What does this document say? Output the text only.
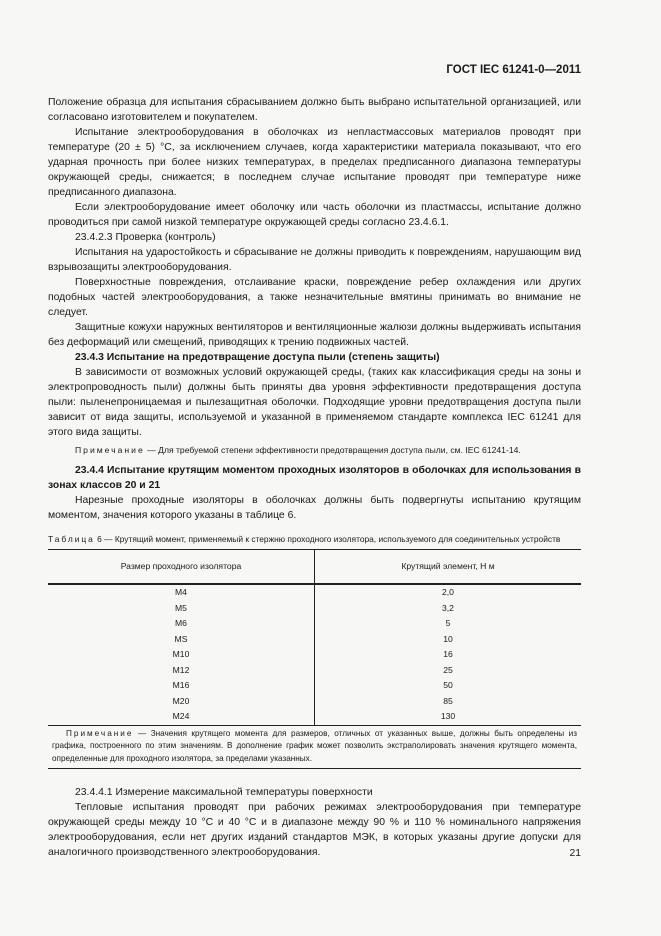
ГОСТ IEC 61241-0—2011

Положение образца для испытания сбрасыванием должно быть выбрано испытательной организацией, или согласовано изготовителем и покупателем.

Испытание электрооборудования в оболочках из непластмассовых материалов проводят при температуре (20 ± 5) °С, за исключением случаев, когда характеристики материала показывают, что его ударная прочность при более низких температурах, в пределах предписанного диапазона температуры окружающей среды, снижается; в последнем случае испытание проводят при температуре ниже предписанного диапазона.

Если электрооборудование имеет оболочку или часть оболочки из пластмассы, испытание должно проводиться при самой низкой температуре окружающей среды согласно 23.4.6.1.

23.4.2.3 Проверка (контроль)

Испытания на ударостойкость и сбрасывание не должны приводить к повреждениям, нарушающим вид взрывозащиты электрооборудования.

Поверхностные повреждения, отслаивание краски, повреждение ребер охлаждения или других подобных частей электрооборудования, а также незначительные вмятины принимать во внимание не следует.

Защитные кожухи наружных вентиляторов и вентиляционные жалюзи должны выдерживать испытания без деформаций или смещений, приводящих к трению подвижных частей.

23.4.3 Испытание на предотвращение доступа пыли (степень защиты)

В зависимости от возможных условий окружающей среды, (таких как классификация среды на зоны и электропроводность пыли) должны быть приняты два уровня эффективности предотвращения доступа пыли: пыленепроницаемая и пылезащитная оболочки. Подходящие уровни предотвращения доступа пыли зависит от вида защиты, используемой и указанной в применяемом стандарте комплекса IEC 61241 для этого вида защиты.

Примечание — Для требуемой степени эффективности предотвращения доступа пыли, см. IEC 61241-14.

23.4.4 Испытание крутящим моментом проходных изоляторов в оболочках для использования в зонах классов 20 и 21

Нарезные проходные изоляторы в оболочках должны быть подвергнуты испытанию крутящим моментом, значения которого указаны в таблице 6.

Таблица 6 — Крутящий момент, применяемый к стержню проходного изолятора, используемого для соединительных устройств

Размер проходного изолятора	Крутящий элемент, Н м
М4	2,0
М5	3,2
М6	5
МS	10
М10	16
М12	25
М16	50
М20	85
М24	130
Примечание — Значения крутящего момента для размеров, отличных от указанных выше, должны быть определены из графика, построенного по этим значениям. В дополнение график может позволить экстраполировать значения крутящего момента, определенные для проходного изолятора, за пределами указанных.	

23.4.4.1 Измерение максимальной температуры поверхности

Тепловые испытания проводят при рабочих режимах электрооборудования при температуре окружающей среды между 10 °С и 40 °С и в диапазоне между 90 % и 110 % номинального напряжения электрооборудования, если нет других изданий стандартов МЭК, в которых указаны другие допуски для аналогичного производственного электрооборудования.	21
